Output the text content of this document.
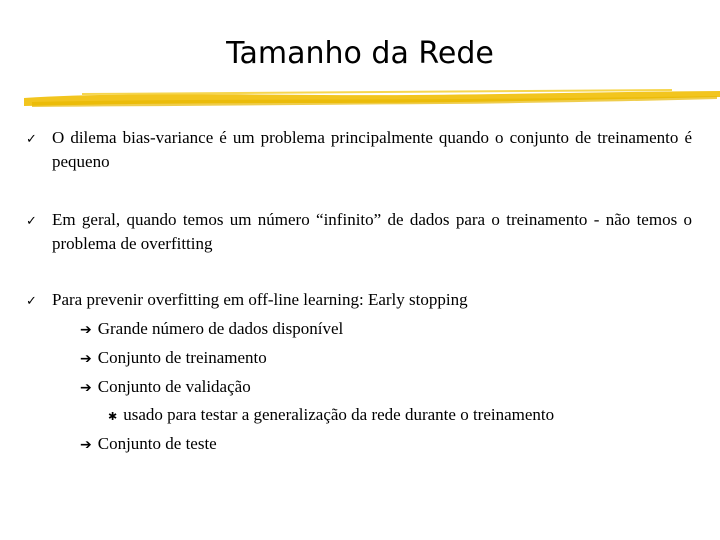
Tamanho da Rede
✓ O dilema bias-variance é um problema principalmente quando o conjunto de treinamento é pequeno
✓ Em geral, quando temos um número “infinito” de dados para o treinamento - não temos o problema de overfitting
✓ Para prevenir overfitting em off-line learning: Early stopping
➔ Grande número de dados disponível
➔ Conjunto de treinamento
➔ Conjunto de validação
✱ usado para testar a generalização da rede durante o treinamento
➔ Conjunto de teste
